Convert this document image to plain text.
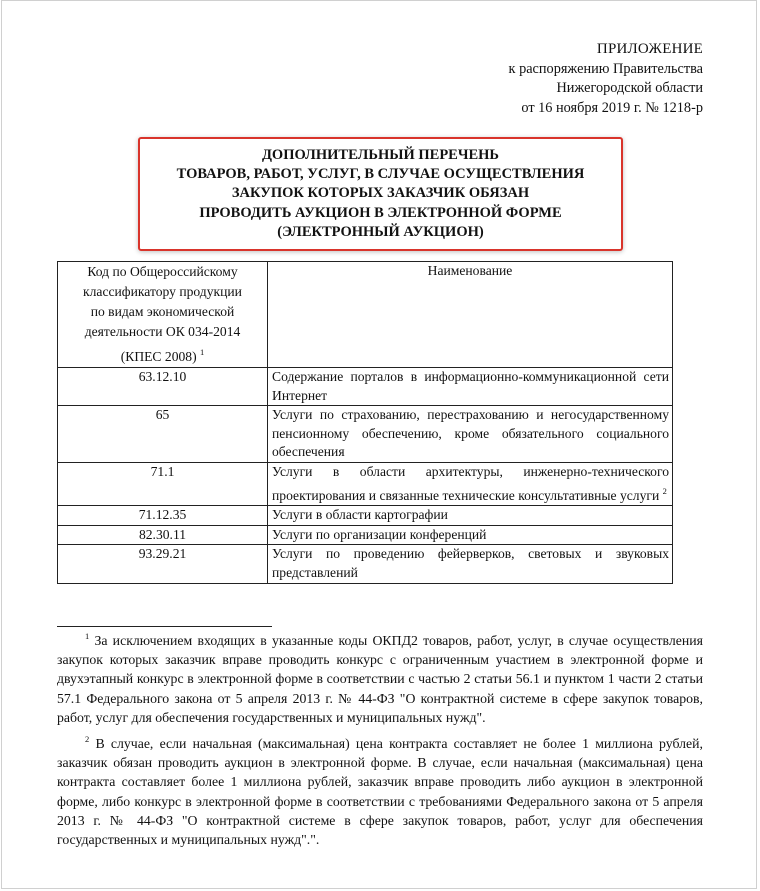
ПРИЛОЖЕНИЕ
к распоряжению Правительства
Нижегородской области
от 16 ноября 2019 г. № 1218-р
ДОПОЛНИТЕЛЬНЫЙ ПЕРЕЧЕНЬ
ТОВАРОВ, РАБОТ, УСЛУГ, В СЛУЧАЕ ОСУЩЕСТВЛЕНИЯ
ЗАКУПОК КОТОРЫХ ЗАКАЗЧИК ОБЯЗАН
ПРОВОДИТЬ АУКЦИОН В ЭЛЕКТРОННОЙ ФОРМЕ
(ЭЛЕКТРОННЫЙ АУКЦИОН)
Код по Общероссийскому
классификатору продукции
по видам экономической
деятельности ОК 034-2014
(КПЕС 2008) $^1$	Наименование
63.12.10	Содержание порталов в информационно-коммуникационной сети Интернет
65	Услуги по страхованию, перестрахованию и негосударственному пенсионному обеспечению, кроме обязательного социального обеспечения
71.1	Услуги в области архитектуры, инженерно-технического проектирования и связанные технические консультативные услуги $^2$
71.12.35	Услуги в области картографии
82.30.11	Услуги по организации конференций
93.29.21	Услуги по проведению фейерверков, световых и звуковых представлений

$^1$ За исключением входящих в указанные коды ОКПД2 товаров, работ, услуг, в случае осуществления закупок которых заказчик вправе проводить конкурс с ограниченным участием в электронной форме и двухэтапный конкурс в электронной форме в соответствии с частью 2 статьи 56.1 и пунктом 1 части 2 статьи 57.1 Федерального закона от 5 апреля 2013 г. № 44-ФЗ "О контрактной системе в сфере закупок товаров, работ, услуг для обеспечения государственных и муниципальных нужд".

$^2$ В случае, если начальная (максимальная) цена контракта составляет не более 1 миллиона рублей, заказчик обязан проводить аукцион в электронной форме. В случае, если начальная (максимальная) цена контракта составляет более 1 миллиона рублей, заказчик вправе проводить либо аукцион в электронной форме, либо конкурс в электронной форме в соответствии с требованиями Федерального закона от 5 апреля 2013 г. № 44-ФЗ "О контрактной системе в сфере закупок товаров, работ, услуг для обеспечения государственных и муниципальных нужд".".
